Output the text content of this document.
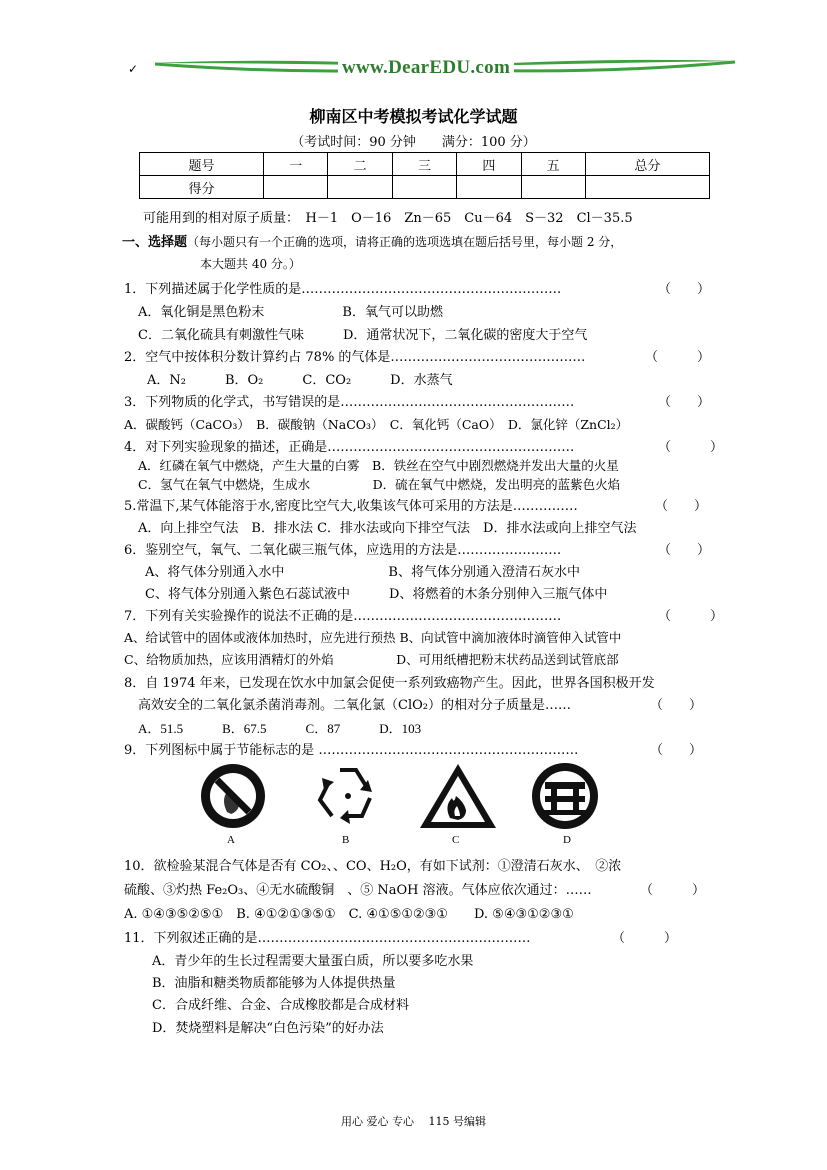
✓	www.DearEDU.com
柳南区中考模拟考试化学试题
（考试时间：90 分钟　　满分：100 分）
题号	一	二	三	四	五	总分
得分						
可能用到的相对原子质量：　H－1　O－16　Zn－65　Cu－64　S－32　Cl－35.5
一、选择题（每小题只有一个正确的选项，请将正确的选项选填在题后括号里，每小题 2 分，
本大题共 40 分。）
1．下列描述属于化学性质的是……………………………………………………	（　　）
A．氧化铜是黑色粉末　　　　　　B．氧气可以助燃
C．二氧化硫具有刺激性气味　　　D．通常状况下，二氧化碳的密度大于空气
2．空气中按体积分数计算约占 78% 的气体是………………………………………	（　　　）
A．N₂　　　B．O₂　　　C．CO₂　　　D．水蒸气
3．下列物质的化学式，书写错误的是………………………………………………	（　　）
A．碳酸钙（CaCO₃）　B．碳酸钠（NaCO₃）　C．氧化钙（CaO）　D．氯化锌（ZnCl₂）
4．对下列实验现象的描述，正确是…………………………………………………	（　　　）
A．红磷在氧气中燃烧，产生大量的白雾　B．铁丝在空气中剧烈燃烧并发出大量的火星
C．氢气在氧气中燃烧，生成水　　　　　D．硫在氧气中燃烧，发出明亮的蓝紫色火焰
5.常温下,某气体能溶于水,密度比空气大,收集该气体可采用的方法是……………	（　　）
A．向上排空气法　B．排水法 C．排水法或向下排空气法　D．排水法或向上排空气法
6．鉴别空气，氧气、二氧化碳三瓶气体，应选用的方法是……………………	（　　）
A、将气体分别通入水中　　　　　　　　B、将气体分别通入澄清石灰水中
C、将气体分别通入紫色石蕊试液中　　　D、将燃着的木条分别伸入三瓶气体中
7．下列有关实验操作的说法不正确的是…………………………………………	（　　　）
A、给试管中的固体或液体加热时，应先进行预热 B、向试管中滴加液体时滴管伸入试管中
C、给物质加热，应该用酒精灯的外焰　　　　　D、可用纸槽把粉末状药品送到试管底部
8．自 1974 年来，已发现在饮水中加氯会促使一系列致癌物产生。因此，世界各国积极开发
高效安全的二氧化氯杀菌消毒剂。二氧化氯（ClO₂）的相对分子质量是……	（　　）
A．51.5　　　B．67.5　　　C．87　　　D．103
9．下列图标中属于节能标志的是 ……………………………………………………	（　　）
A	B	C	D
10．欲检验某混合气体是否有 CO₂、、CO、H₂O，有如下试剂：①澄清石灰水、　②浓
硫酸、③灼热 Fe₂O₃、④无水硫酸铜　、⑤ NaOH 溶液。气体应依次通过：……	（　　　）
A. ①④③⑤②⑤①　B. ④①②①③⑤①　C. ④①⑤①②③①　　D. ⑤④③①②③①
11．下列叙述正确的是………………………………………………………	（　　　）
A．青少年的生长过程需要大量蛋白质，所以要多吃水果
B．油脂和糖类物质都能够为人体提供热量
C．合成纤维、合金、合成橡胶都是合成材料
D．焚烧塑料是解决“白色污染”的好办法
用心 爱心 专心　 115 号编辑
